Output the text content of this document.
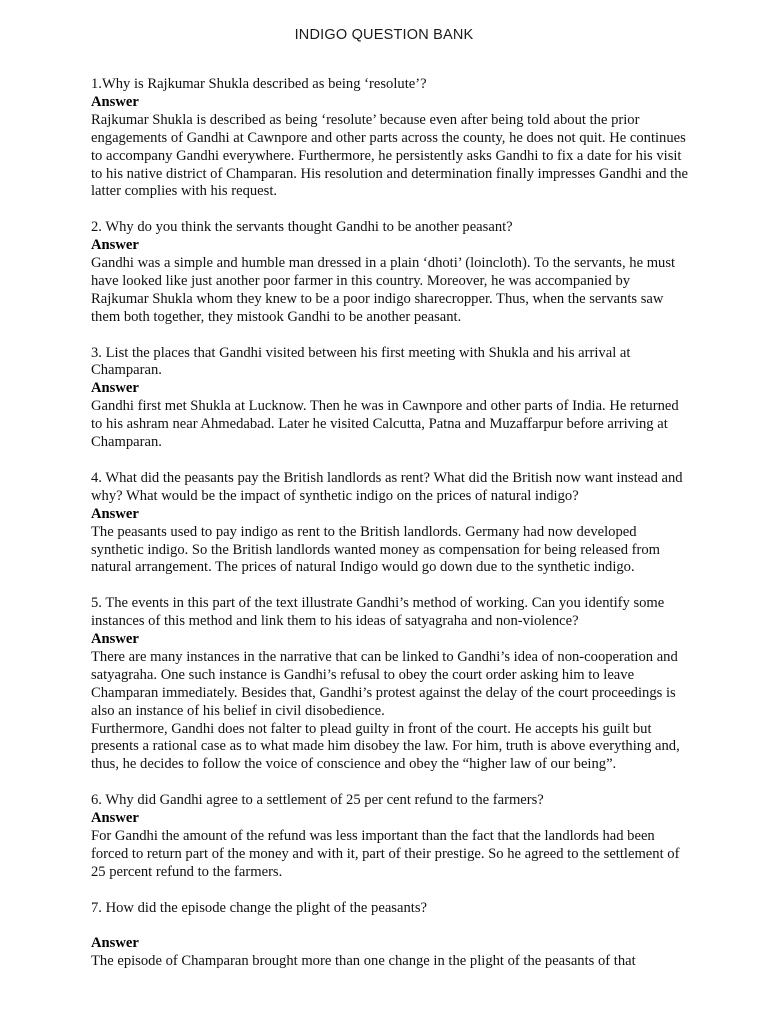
INDIGO QUESTION BANK

1.Why is Rajkumar Shukla described as being ‘resolute’?

Answer

Rajkumar Shukla is described as being ‘resolute’ because even after being told about the prior engagements of Gandhi at Cawnpore and other parts across the county, he does not quit. He continues to accompany Gandhi everywhere. Furthermore, he persistently asks Gandhi to fix a date for his visit to his native district of Champaran. His resolution and determination finally impresses Gandhi and the latter complies with his request.

2. Why do you think the servants thought Gandhi to be another peasant?

Answer

Gandhi was a simple and humble man dressed in a plain ‘dhoti’ (loincloth). To the servants, he must have looked like just another poor farmer in this country. Moreover, he was accompanied by Rajkumar Shukla whom they knew to be a poor indigo sharecropper. Thus, when the servants saw them both together, they mistook Gandhi to be another peasant.

3. List the places that Gandhi visited between his first meeting with Shukla and his arrival at Champaran.

Answer

Gandhi first met Shukla at Lucknow. Then he was in Cawnpore and other parts of India. He returned to his ashram near Ahmedabad. Later he visited Calcutta, Patna and Muzaffarpur before arriving at Champaran.

4. What did the peasants pay the British landlords as rent? What did the British now want instead and why? What would be the impact of synthetic indigo on the prices of natural indigo?

Answer

The peasants used to pay indigo as rent to the British landlords. Germany had now developed synthetic indigo. So the British landlords wanted money as compensation for being released from natural arrangement. The prices of natural Indigo would go down due to the synthetic indigo.

5. The events in this part of the text illustrate Gandhi’s method of working. Can you identify some instances of this method and link them to his ideas of satyagraha and non-violence?

Answer

There are many instances in the narrative that can be linked to Gandhi’s idea of non-cooperation and satyagraha. One such instance is Gandhi’s refusal to obey the court order asking him to leave Champaran immediately. Besides that, Gandhi’s protest against the delay of the court proceedings is also an instance of his belief in civil disobedience.

Furthermore, Gandhi does not falter to plead guilty in front of the court. He accepts his guilt but presents a rational case as to what made him disobey the law. For him, truth is above everything and, thus, he decides to follow the voice of conscience and obey the “higher law of our being”.

6. Why did Gandhi agree to a settlement of 25 per cent refund to the farmers?

Answer

For Gandhi the amount of the refund was less important than the fact that the landlords had been forced to return part of the money and with it, part of their prestige. So he agreed to the settlement of 25 percent refund to the farmers.

7. How did the episode change the plight of the peasants?

Answer

The episode of Champaran brought more than one change in the plight of the peasants of that
